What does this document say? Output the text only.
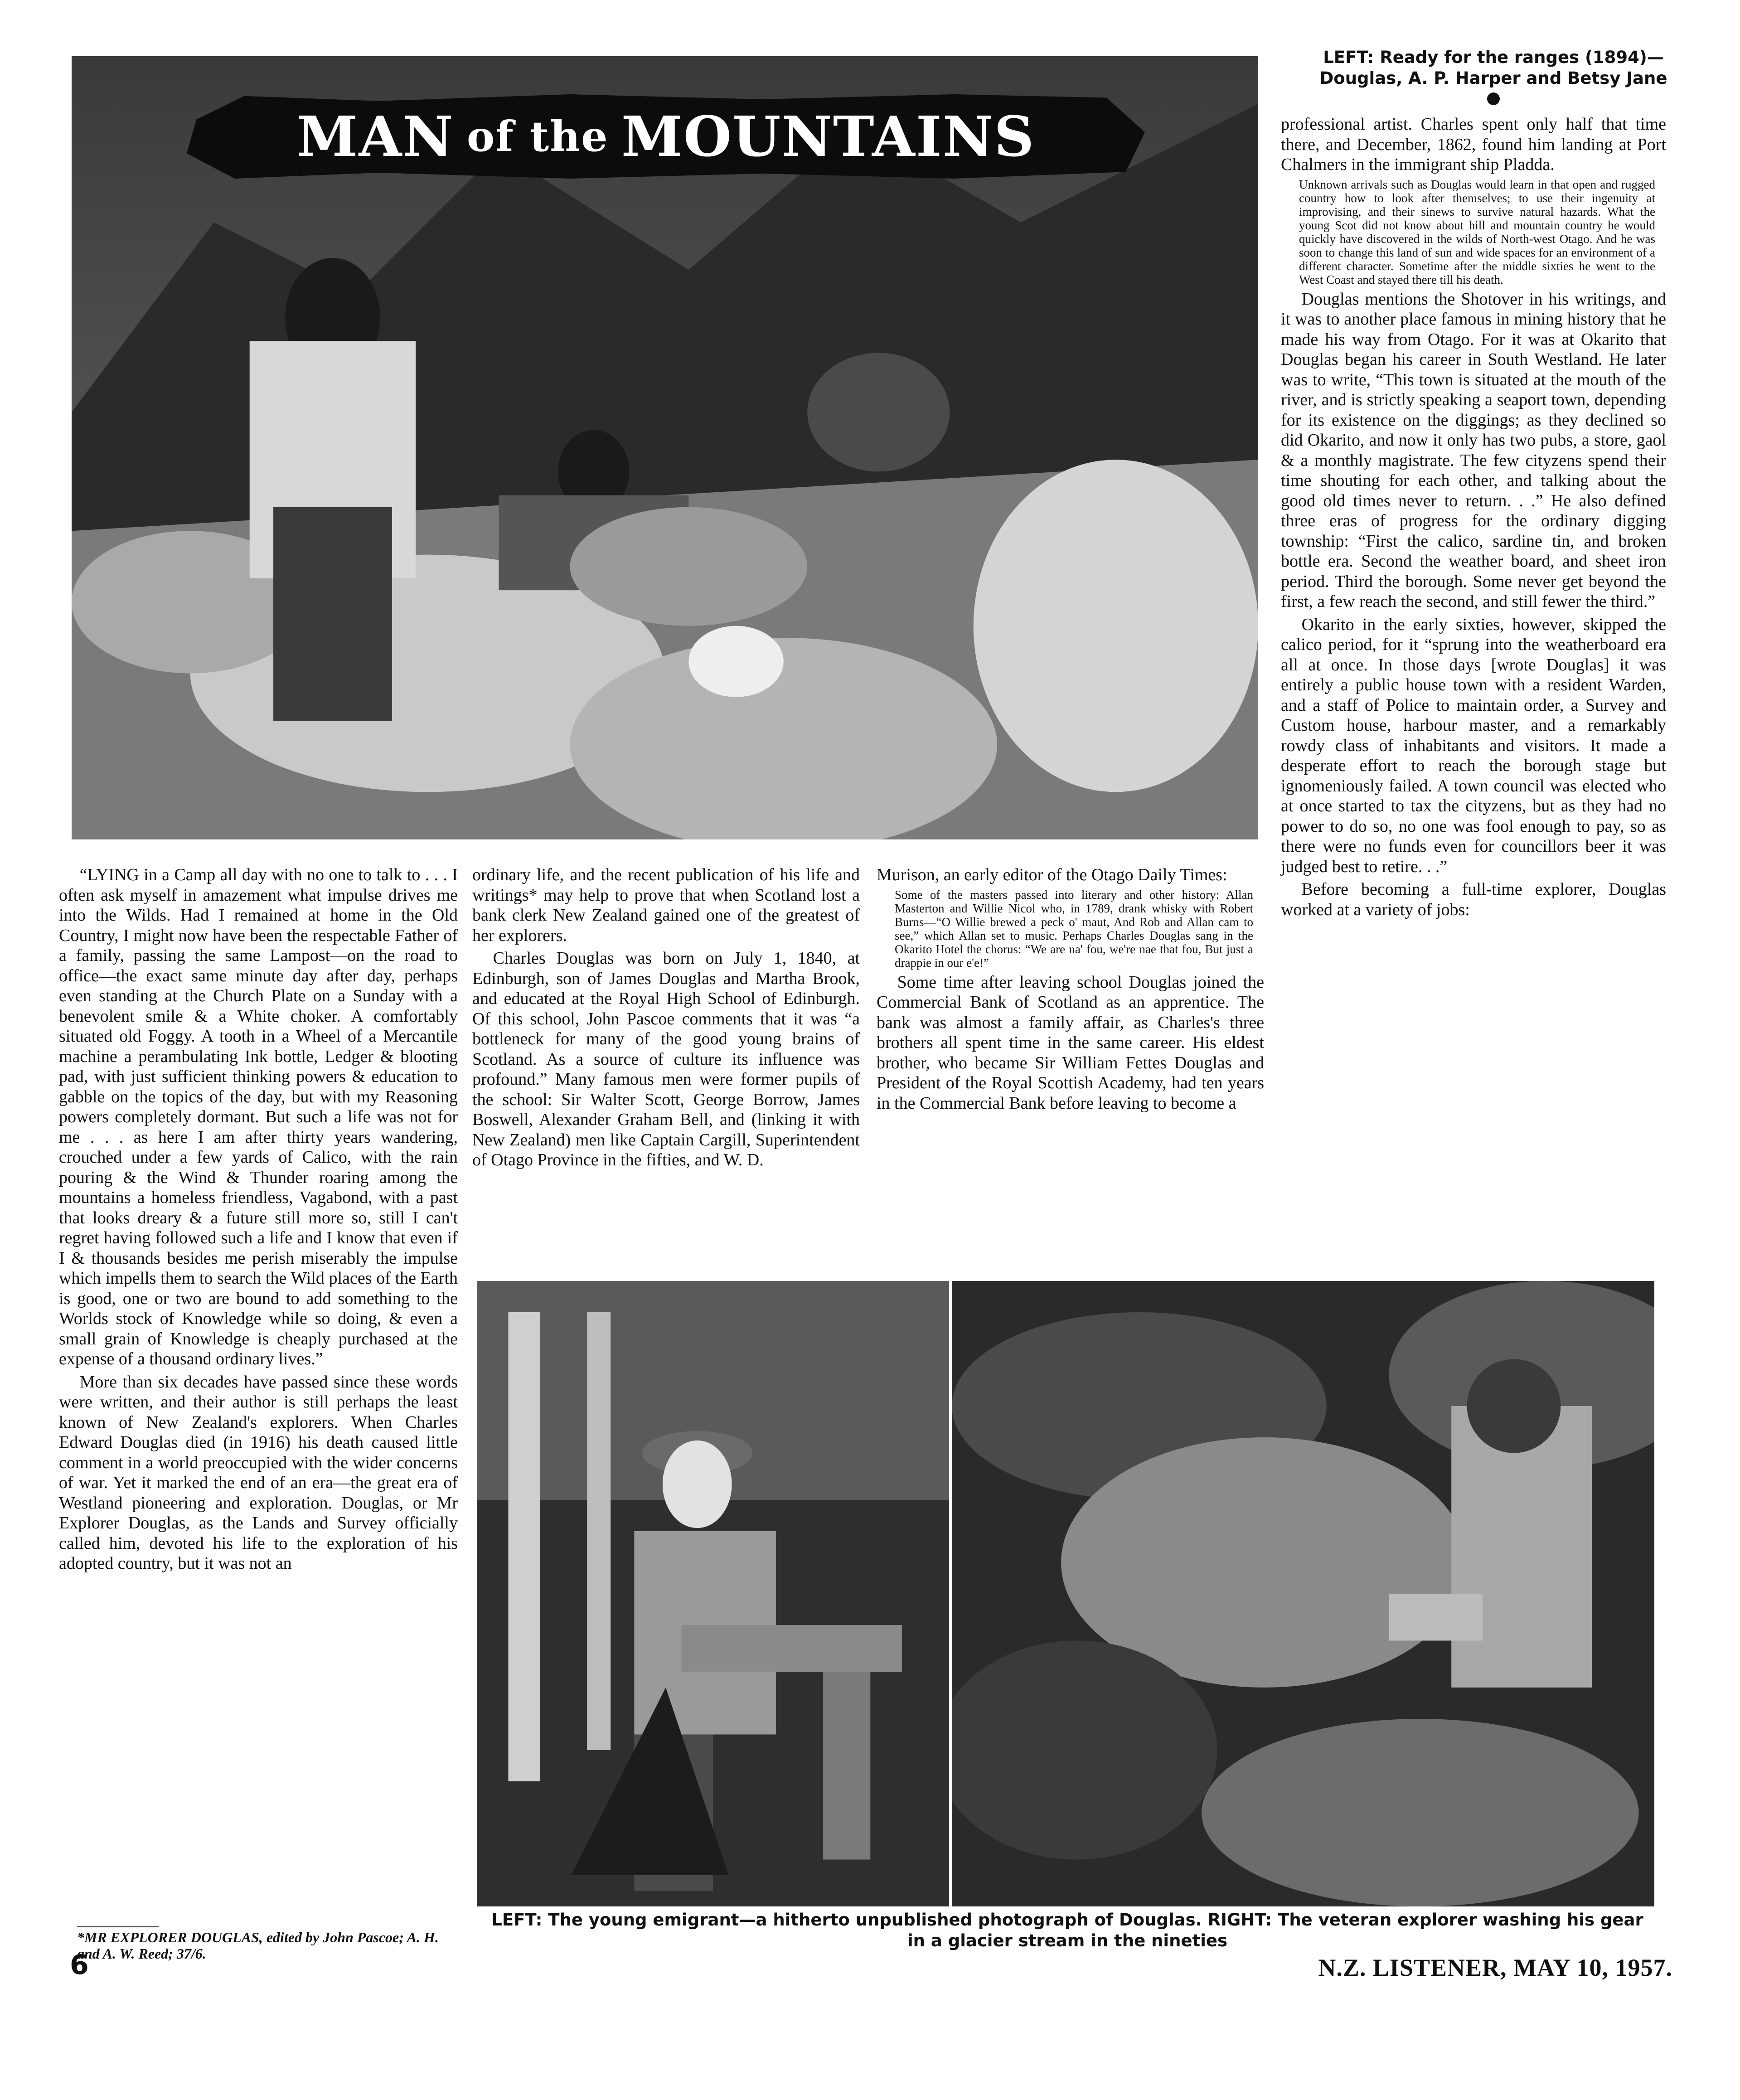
MAN of the MOUNTAINS
LEFT: Ready for the ranges (1894)—
Douglas, A. P. Harper and Betsy Jane

professional artist. Charles spent only half that time there, and December, 1862, found him landing at Port Chalmers in the immigrant ship Pladda.

Unknown arrivals such as Douglas would learn in that open and rugged country how to look after themselves; to use their ingenuity at improvising, and their sinews to survive natural hazards. What the young Scot did not know about hill and mountain country he would quickly have discovered in the wilds of North-west Otago. And he was soon to change this land of sun and wide spaces for an environment of a different character. Sometime after the middle sixties he went to the West Coast and stayed there till his death.

Douglas mentions the Shotover in his writings, and it was to another place famous in mining history that he made his way from Otago. For it was at Okarito that Douglas began his career in South Westland. He later was to write, “This town is situated at the mouth of the river, and is strictly speaking a seaport town, depending for its existence on the diggings; as they declined so did Okarito, and now it only has two pubs, a store, gaol & a monthly magistrate. The few cityzens spend their time shouting for each other, and talking about the good old times never to return. . .” He also defined three eras of progress for the ordinary digging township: “First the calico, sardine tin, and broken bottle era. Second the weather board, and sheet iron period. Third the borough. Some never get beyond the first, a few reach the second, and still fewer the third.”

Okarito in the early sixties, however, skipped the calico period, for it “sprung into the weatherboard era all at once. In those days [wrote Douglas] it was entirely a public house town with a resident Warden, and a staff of Police to maintain order, a Survey and Custom house, harbour master, and a remarkably rowdy class of inhabitants and visitors. It made a desperate effort to reach the borough stage but ignomeniously failed. A town council was elected who at once started to tax the cityzens, but as they had no power to do so, no one was fool enough to pay, so as there were no funds even for councillors beer it was judged best to retire. . .”

Before becoming a full-time explorer, Douglas worked at a variety of jobs:

“LYING in a Camp all day with no one to talk to . . . I often ask myself in amazement what impulse drives me into the Wilds. Had I remained at home in the Old Country, I might now have been the respectable Father of a family, passing the same Lampost—on the road to office—the exact same minute day after day, perhaps even standing at the Church Plate on a Sunday with a benevolent smile & a White choker. A comfortably situated old Foggy. A tooth in a Wheel of a Mercantile machine a perambulating Ink bottle, Ledger & blooting pad, with just sufficient thinking powers & education to gabble on the topics of the day, but with my Reasoning powers completely dormant. But such a life was not for me . . . as here I am after thirty years wandering, crouched under a few yards of Calico, with the rain pouring & the Wind & Thunder roaring among the mountains a homeless friendless, Vagabond, with a past that looks dreary & a future still more so, still I can't regret having followed such a life and I know that even if I & thousands besides me perish miserably the impulse which impells them to search the Wild places of the Earth is good, one or two are bound to add something to the Worlds stock of Knowledge while so doing, & even a small grain of Knowledge is cheaply purchased at the expense of a thousand ordinary lives.”

More than six decades have passed since these words were written, and their author is still perhaps the least known of New Zealand's explorers. When Charles Edward Douglas died (in 1916) his death caused little comment in a world preoccupied with the wider concerns of war. Yet it marked the end of an era—the great era of Westland pioneering and exploration. Douglas, or Mr Explorer Douglas, as the Lands and Survey officially called him, devoted his life to the exploration of his adopted country, but it was not an

*MR EXPLORER DOUGLAS, edited by John Pascoe; A. H. and A. W. Reed; 37/6.

ordinary life, and the recent publication of his life and writings* may help to prove that when Scotland lost a bank clerk New Zealand gained one of the greatest of her explorers.

Charles Douglas was born on July 1, 1840, at Edinburgh, son of James Douglas and Martha Brook, and educated at the Royal High School of Edinburgh. Of this school, John Pascoe comments that it was “a bottleneck for many of the good young brains of Scotland. As a source of culture its influence was profound.” Many famous men were former pupils of the school: Sir Walter Scott, George Borrow, James Boswell, Alexander Graham Bell, and (linking it with New Zealand) men like Captain Cargill, Superintendent of Otago Province in the fifties, and W. D.

Murison, an early editor of the Otago Daily Times:

Some of the masters passed into literary and other history: Allan Masterton and Willie Nicol who, in 1789, drank whisky with Robert Burns—“O Willie brewed a peck o' maut, And Rob and Allan cam to see,” which Allan set to music. Perhaps Charles Douglas sang in the Okarito Hotel the chorus: “We are na' fou, we're nae that fou, But just a drappie in our e'e!”

Some time after leaving school Douglas joined the Commercial Bank of Scotland as an apprentice. The bank was almost a family affair, as Charles's three brothers all spent time in the same career. His eldest brother, who became Sir William Fettes Douglas and President of the Royal Scottish Academy, had ten years in the Commercial Bank before leaving to become a

LEFT: The young emigrant—a hitherto unpublished photograph of Douglas. RIGHT: The veteran explorer washing his gear in a glacier stream in the nineties
6	N.Z. LISTENER, MAY 10, 1957.
